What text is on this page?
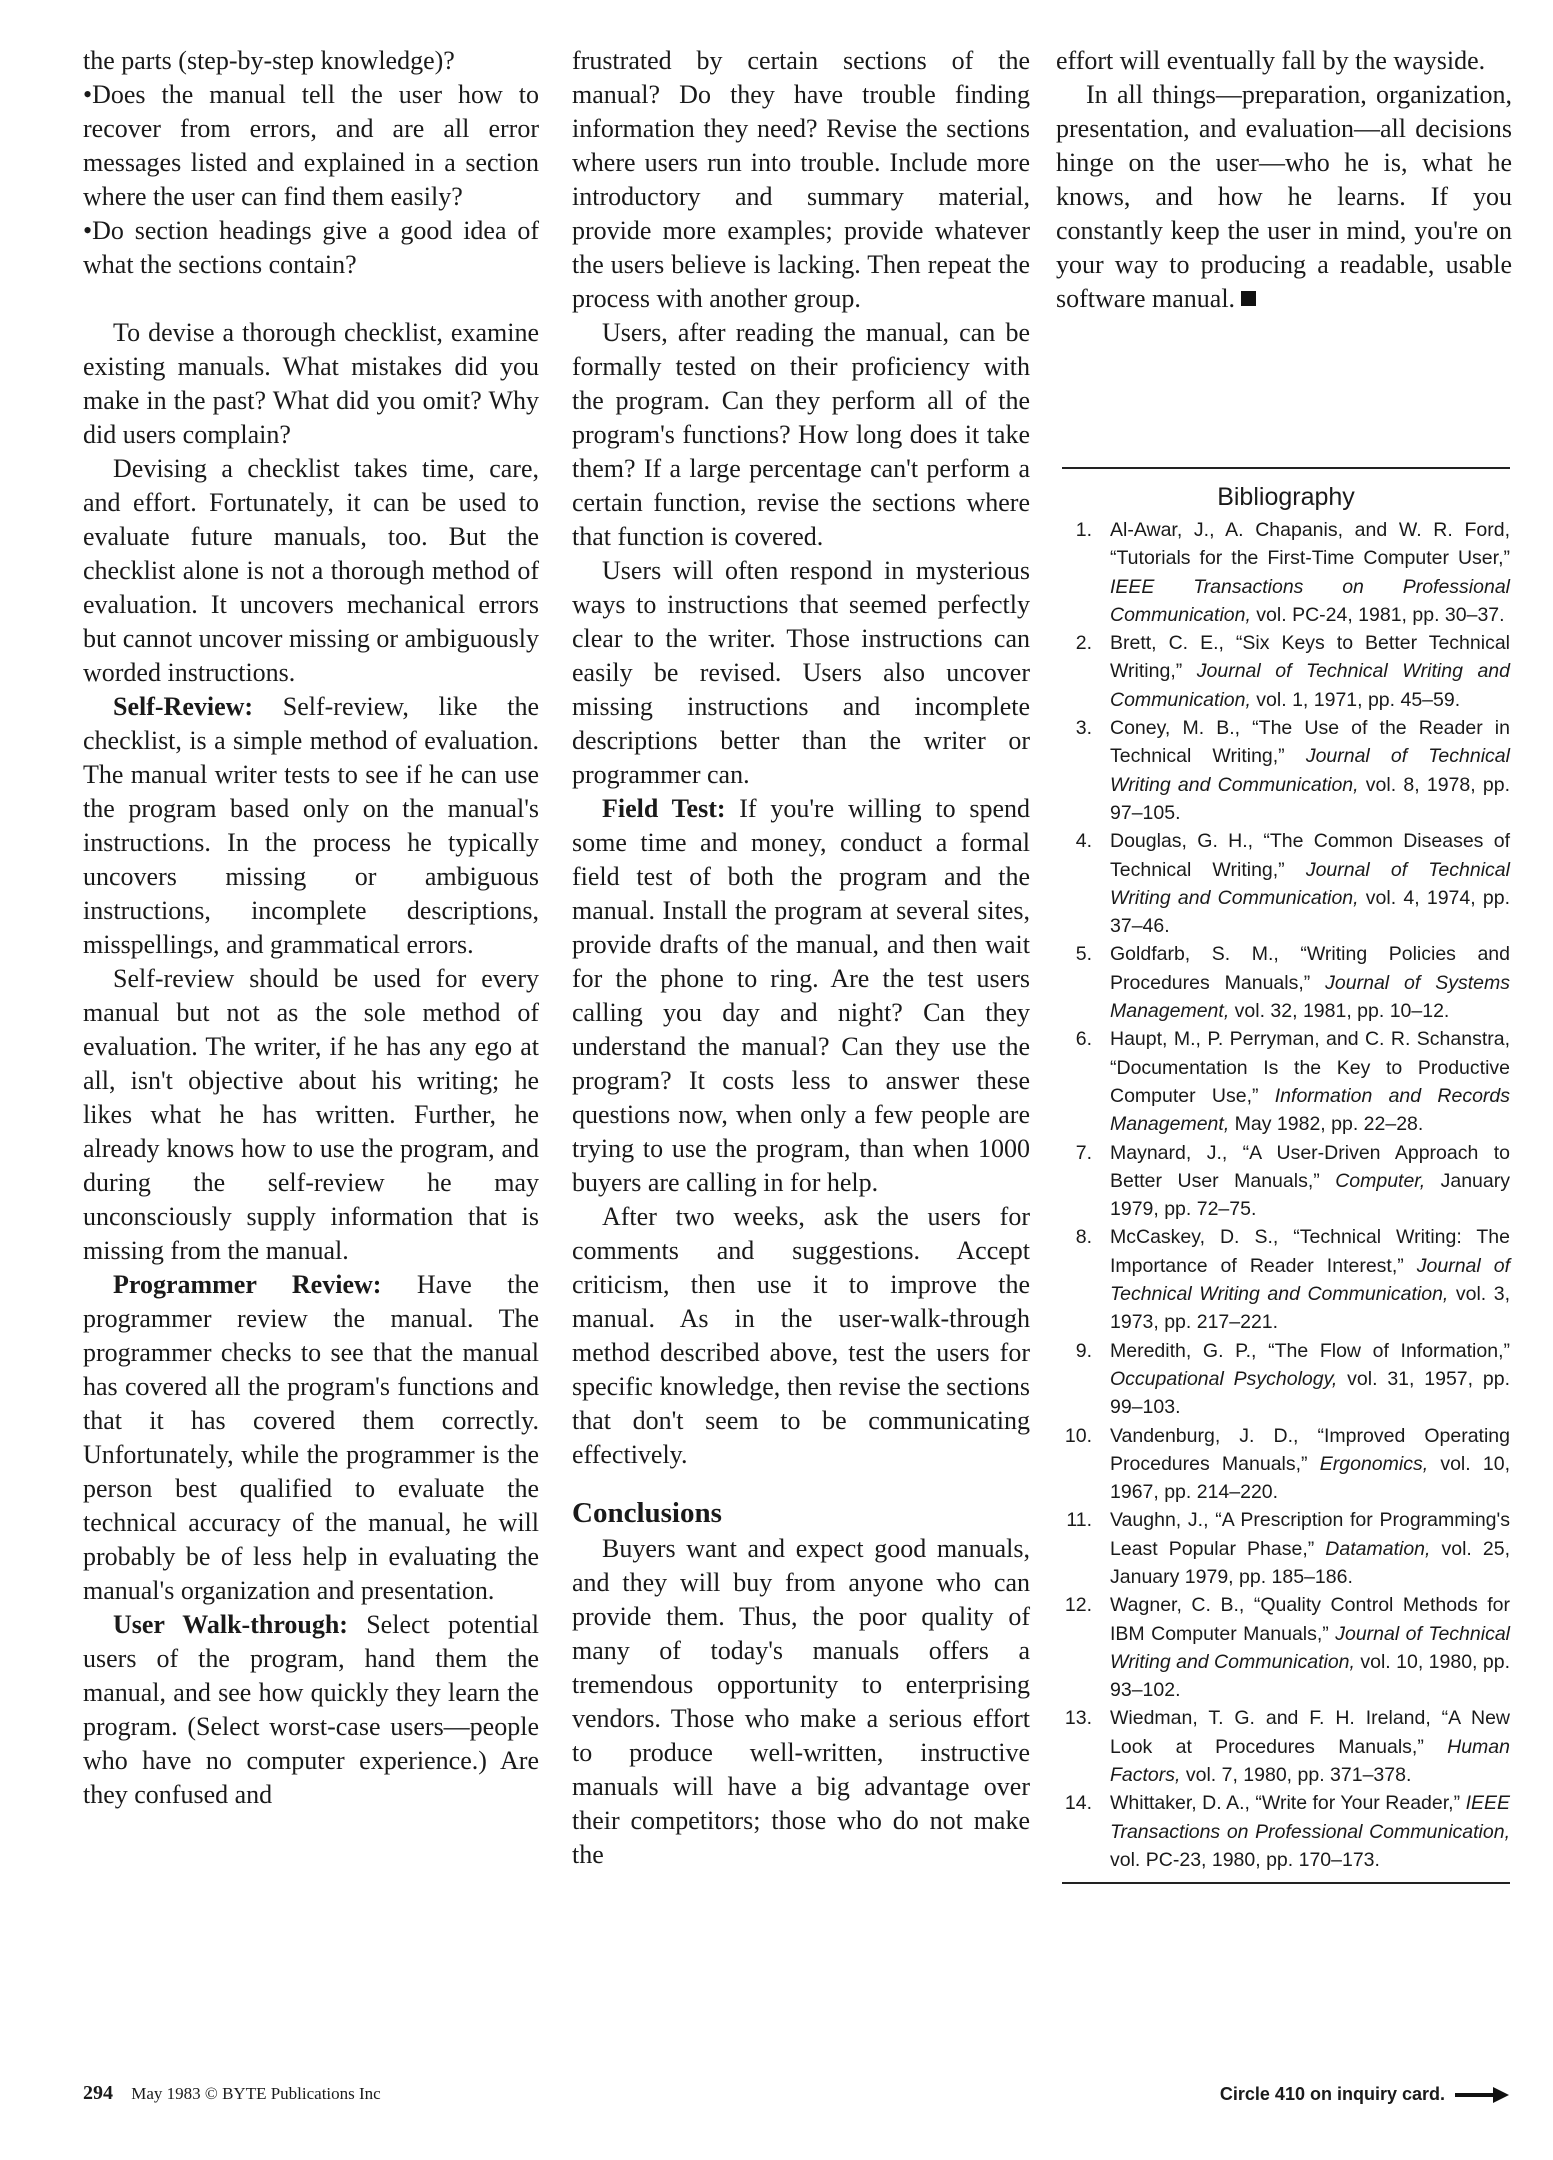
the parts (step-by-step knowledge)?

•Does the manual tell the user how to recover from errors, and are all error messages listed and explained in a section where the user can find them easily?

•Do section headings give a good idea of what the sections contain?

To devise a thorough checklist, examine existing manuals. What mistakes did you make in the past? What did you omit? Why did users complain?

Devising a checklist takes time, care, and effort. Fortunately, it can be used to evaluate future manuals, too. But the checklist alone is not a thorough method of evaluation. It uncovers mechanical errors but cannot uncover missing or ambiguously worded instructions.

Self-Review: Self-review, like the checklist, is a simple method of evaluation. The manual writer tests to see if he can use the program based only on the manual's instructions. In the process he typically uncovers missing or ambiguous instructions, incomplete descriptions, misspellings, and grammatical errors.

Self-review should be used for every manual but not as the sole method of evaluation. The writer, if he has any ego at all, isn't objective about his writing; he likes what he has written. Further, he already knows how to use the program, and during the self-review he may unconsciously supply information that is missing from the manual.

Programmer Review: Have the programmer review the manual. The programmer checks to see that the manual has covered all the program's functions and that it has covered them correctly. Unfortunately, while the programmer is the person best qualified to evaluate the technical accuracy of the manual, he will probably be of less help in evaluating the manual's organization and presentation.

User Walk-through: Select potential users of the program, hand them the manual, and see how quickly they learn the program. (Select worst-case users—people who have no computer experience.) Are they confused and

frustrated by certain sections of the manual? Do they have trouble finding information they need? Revise the sections where users run into trouble. Include more introductory and summary material, provide more examples; provide whatever the users believe is lacking. Then repeat the process with another group.

Users, after reading the manual, can be formally tested on their proficiency with the program. Can they perform all of the program's functions? How long does it take them? If a large percentage can't perform a certain function, revise the sections where that function is covered.

Users will often respond in mysterious ways to instructions that seemed perfectly clear to the writer. Those instructions can easily be revised. Users also uncover missing instructions and incomplete descriptions better than the writer or programmer can.

Field Test: If you're willing to spend some time and money, conduct a formal field test of both the program and the manual. Install the program at several sites, provide drafts of the manual, and then wait for the phone to ring. Are the test users calling you day and night? Can they understand the manual? Can they use the program? It costs less to answer these questions now, when only a few people are trying to use the program, than when 1000 buyers are calling in for help.

After two weeks, ask the users for comments and suggestions. Accept criticism, then use it to improve the manual. As in the user-walk-through method described above, test the users for specific knowledge, then revise the sections that don't seem to be communicating effectively.

Conclusions

Buyers want and expect good manuals, and they will buy from anyone who can provide them. Thus, the poor quality of many of today's manuals offers a tremendous opportunity to enterprising vendors. Those who make a serious effort to produce well-written, instructive manuals will have a big advantage over their competitors; those who do not make the

effort will eventually fall by the wayside.

In all things—preparation, organization, presentation, and evaluation—all decisions hinge on the user—who he is, what he knows, and how he learns. If you constantly keep the user in mind, you're on your way to producing a readable, usable software manual.

Bibliography
1. Al-Awar, J., A. Chapanis, and W. R. Ford, “Tutorials for the First-Time Computer User,” IEEE Transactions on Professional Communication, vol. PC-24, 1981, pp. 30–37.
2. Brett, C. E., “Six Keys to Better Technical Writing,” Journal of Technical Writing and Communication, vol. 1, 1971, pp. 45–59.
3. Coney, M. B., “The Use of the Reader in Technical Writing,” Journal of Technical Writing and Communication, vol. 8, 1978, pp. 97–105.
4. Douglas, G. H., “The Common Diseases of Technical Writing,” Journal of Technical Writing and Communication, vol. 4, 1974, pp. 37–46.
5. Goldfarb, S. M., “Writing Policies and Procedures Manuals,” Journal of Systems Management, vol. 32, 1981, pp. 10–12.
6. Haupt, M., P. Perryman, and C. R. Schanstra, “Documentation Is the Key to Productive Computer Use,” Information and Records Management, May 1982, pp. 22–28.
7. Maynard, J., “A User-Driven Approach to Better User Manuals,” Computer, January 1979, pp. 72–75.
8. McCaskey, D. S., “Technical Writing: The Importance of Reader Interest,” Journal of Technical Writing and Communication, vol. 3, 1973, pp. 217–221.
9. Meredith, G. P., “The Flow of Information,” Occupational Psychology, vol. 31, 1957, pp. 99–103.
10. Vandenburg, J. D., “Improved Operating Procedures Manuals,” Ergonomics, vol. 10, 1967, pp. 214–220.
11. Vaughn, J., “A Prescription for Programming's Least Popular Phase,” Datamation, vol. 25, January 1979, pp. 185–186.
12. Wagner, C. B., “Quality Control Methods for IBM Computer Manuals,” Journal of Technical Writing and Communication, vol. 10, 1980, pp. 93–102.
13. Wiedman, T. G. and F. H. Ireland, “A New Look at Procedures Manuals,” Human Factors, vol. 7, 1980, pp. 371–378.
14. Whittaker, D. A., “Write for Your Reader,” IEEE Transactions on Professional Communication, vol. PC-23, 1980, pp. 170–173.
294 May 1983 © BYTE Publications Inc	Circle 410 on inquiry card.
